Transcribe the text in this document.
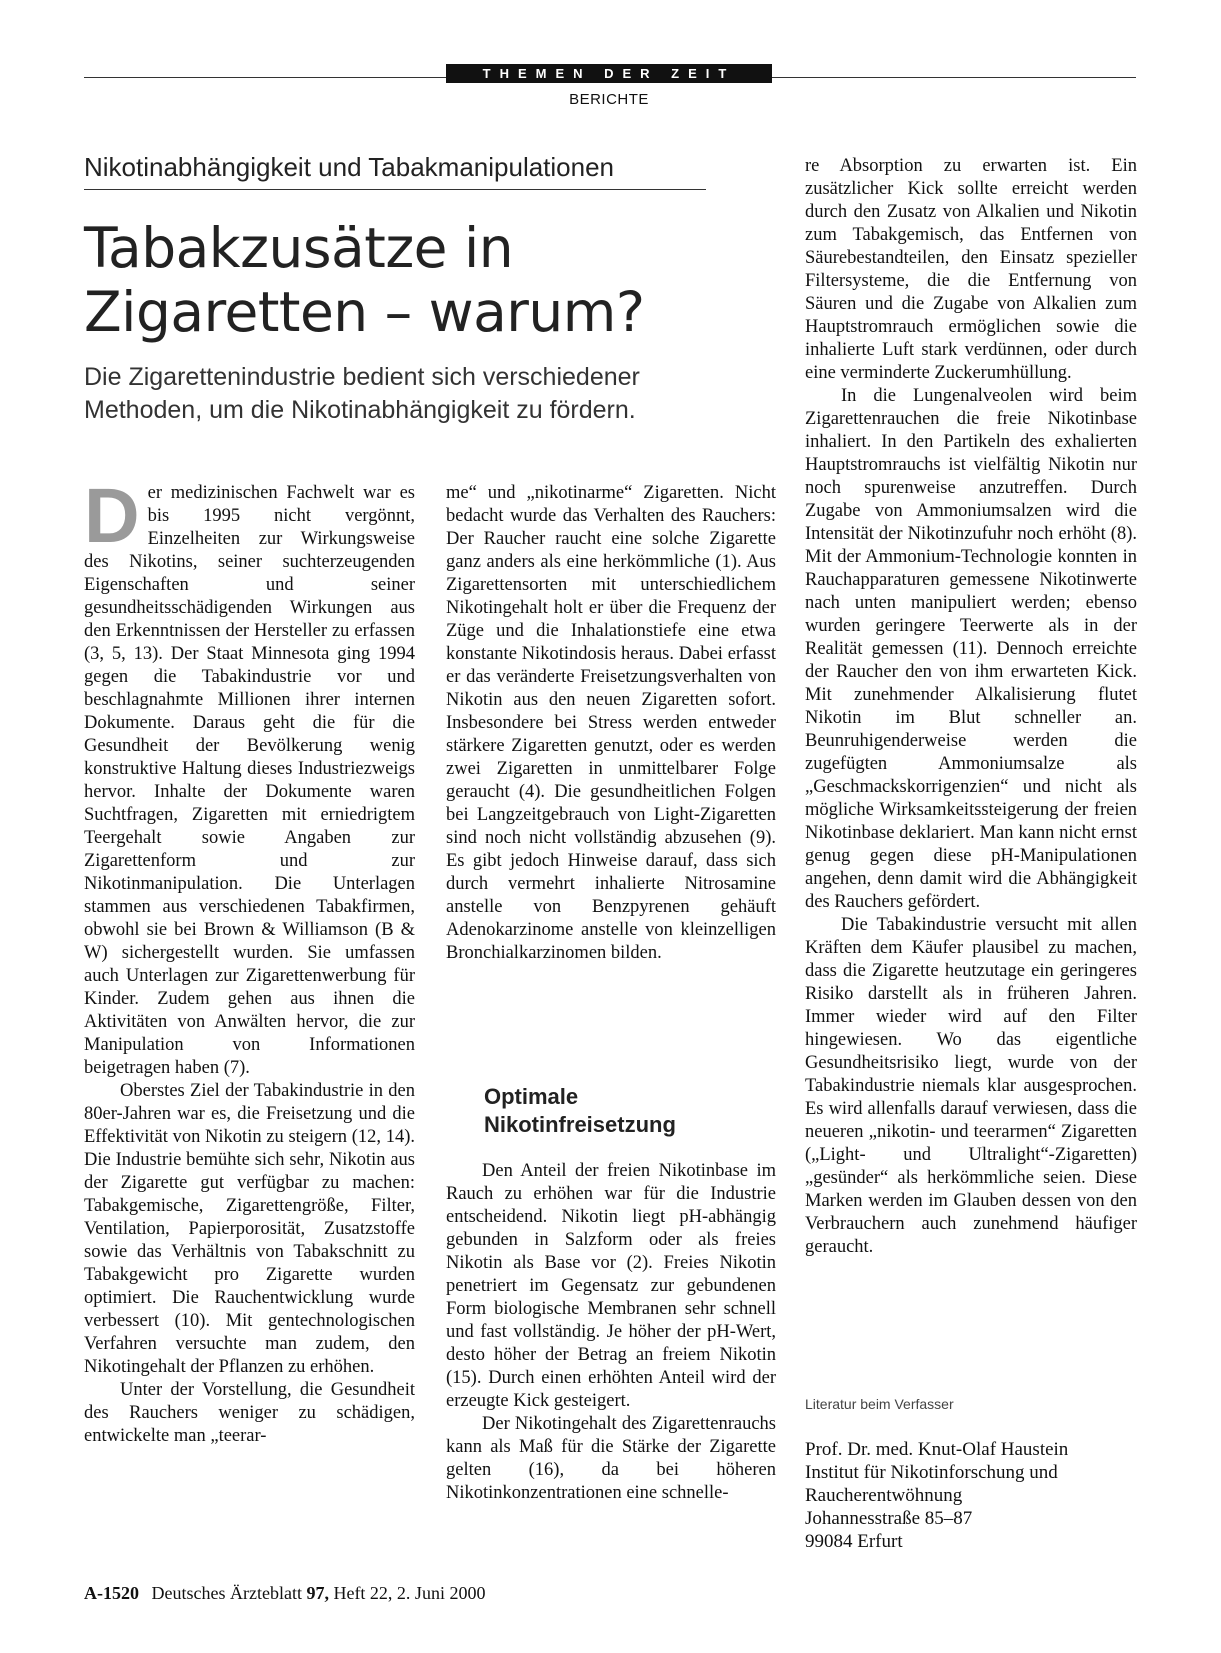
THEMEN DER ZEIT
BERICHTE
Nikotinabhängigkeit und Tabakmanipulationen
Tabakzusätze in
Zigaretten – warum?
Die Zigarettenindustrie bedient sich verschiedener Methoden, um die Nikotinabhängigkeit zu fördern.

Der medizinischen Fachwelt war es bis 1995 nicht vergönnt, Einzelheiten zur Wirkungsweise des Nikotins, seiner suchterzeugenden Eigenschaften und seiner gesundheitsschädigenden Wirkungen aus den Erkenntnissen der Hersteller zu erfassen (3, 5, 13). Der Staat Minnesota ging 1994 gegen die Tabakindustrie vor und beschlagnahmte Millionen ihrer internen Dokumente. Daraus geht die für die Gesundheit der Bevölkerung wenig konstruktive Haltung dieses Industriezweigs hervor. Inhalte der Dokumente waren Suchtfragen, Zigaretten mit erniedrigtem Teergehalt sowie Angaben zur Zigarettenform und zur Nikotinmanipulation. Die Unterlagen stammen aus verschiedenen Tabakfirmen, obwohl sie bei Brown & Williamson (B & W) sichergestellt wurden. Sie umfassen auch Unterlagen zur Zigarettenwerbung für Kinder. Zudem gehen aus ihnen die Aktivitäten von Anwälten hervor, die zur Manipulation von Informationen beigetragen haben (7).

Oberstes Ziel der Tabakindustrie in den 80er-Jahren war es, die Freisetzung und die Effektivität von Nikotin zu steigern (12, 14). Die Industrie bemühte sich sehr, Nikotin aus der Zigarette gut verfügbar zu machen: Tabakgemische, Zigarettengröße, Filter, Ventilation, Papierporosität, Zusatzstoffe sowie das Verhältnis von Tabakschnitt zu Tabakgewicht pro Zigarette wurden optimiert. Die Rauchentwicklung wurde verbessert (10). Mit gentechnologischen Verfahren versuchte man zudem, den Nikotingehalt der Pflanzen zu erhöhen.

Unter der Vorstellung, die Gesundheit des Rauchers weniger zu schädigen, entwickelte man „teerar-

me“ und „nikotinarme“ Zigaretten. Nicht bedacht wurde das Verhalten des Rauchers: Der Raucher raucht eine solche Zigarette ganz anders als eine herkömmliche (1). Aus Zigarettensorten mit unterschiedlichem Nikotingehalt holt er über die Frequenz der Züge und die Inhalationstiefe eine etwa konstante Nikotindosis heraus. Dabei erfasst er das veränderte Freisetzungsverhalten von Nikotin aus den neuen Zigaretten sofort. Insbesondere bei Stress werden entweder stärkere Zigaretten genutzt, oder es werden zwei Zigaretten in unmittelbarer Folge geraucht (4). Die gesundheitlichen Folgen bei Langzeitgebrauch von Light-Zigaretten sind noch nicht vollständig abzusehen (9). Es gibt jedoch Hinweise darauf, dass sich durch vermehrt inhalierte Nitrosamine anstelle von Benzpyrenen gehäuft Adenokarzinome anstelle von kleinzelligen Bronchialkarzinomen bilden.

Optimale Nikotinfreisetzung

Den Anteil der freien Nikotinbase im Rauch zu erhöhen war für die Industrie entscheidend. Nikotin liegt pH-abhängig gebunden in Salzform oder als freies Nikotin als Base vor (2). Freies Nikotin penetriert im Gegensatz zur gebundenen Form biologische Membranen sehr schnell und fast vollständig. Je höher der pH-Wert, desto höher der Betrag an freiem Nikotin (15). Durch einen erhöhten Anteil wird der erzeugte Kick gesteigert.

Der Nikotingehalt des Zigarettenrauchs kann als Maß für die Stärke der Zigarette gelten (16), da bei höheren Nikotinkonzentrationen eine schnelle-

re Absorption zu erwarten ist. Ein zusätzlicher Kick sollte erreicht werden durch den Zusatz von Alkalien und Nikotin zum Tabakgemisch, das Entfernen von Säurebestandteilen, den Einsatz spezieller Filtersysteme, die die Entfernung von Säuren und die Zugabe von Alkalien zum Hauptstromrauch ermöglichen sowie die inhalierte Luft stark verdünnen, oder durch eine verminderte Zuckerumhüllung.

In die Lungenalveolen wird beim Zigarettenrauchen die freie Nikotinbase inhaliert. In den Partikeln des exhalierten Hauptstromrauchs ist vielfältig Nikotin nur noch spurenweise anzutreffen. Durch Zugabe von Ammoniumsalzen wird die Intensität der Nikotinzufuhr noch erhöht (8). Mit der Ammonium-Technologie konnten in Rauchapparaturen gemessene Nikotinwerte nach unten manipuliert werden; ebenso wurden geringere Teerwerte als in der Realität gemessen (11). Dennoch erreichte der Raucher den von ihm erwarteten Kick. Mit zunehmender Alkalisierung flutet Nikotin im Blut schneller an. Beunruhigenderweise werden die zugefügten Ammoniumsalze als „Geschmackskorrigenzien“ und nicht als mögliche Wirksamkeitssteigerung der freien Nikotinbase deklariert. Man kann nicht ernst genug gegen diese pH-Manipulationen angehen, denn damit wird die Abhängigkeit des Rauchers gefördert.

Die Tabakindustrie versucht mit allen Kräften dem Käufer plausibel zu machen, dass die Zigarette heutzutage ein geringeres Risiko darstellt als in früheren Jahren. Immer wieder wird auf den Filter hingewiesen. Wo das eigentliche Gesundheitsrisiko liegt, wurde von der Tabakindustrie niemals klar ausgesprochen. Es wird allenfalls darauf verwiesen, dass die neueren „nikotin- und teerarmen“ Zigaretten („Light- und Ultralight“-Zigaretten) „gesünder“ als herkömmliche seien. Diese Marken werden im Glauben dessen von den Verbrauchern auch zunehmend häufiger geraucht.

Literatur beim Verfasser
Prof. Dr. med. Knut-Olaf Haustein
Institut für Nikotinforschung und
Raucherentwöhnung
Johannesstraße 85–87
99084 Erfurt
A-1520 Deutsches Ärzteblatt 97, Heft 22, 2. Juni 2000
